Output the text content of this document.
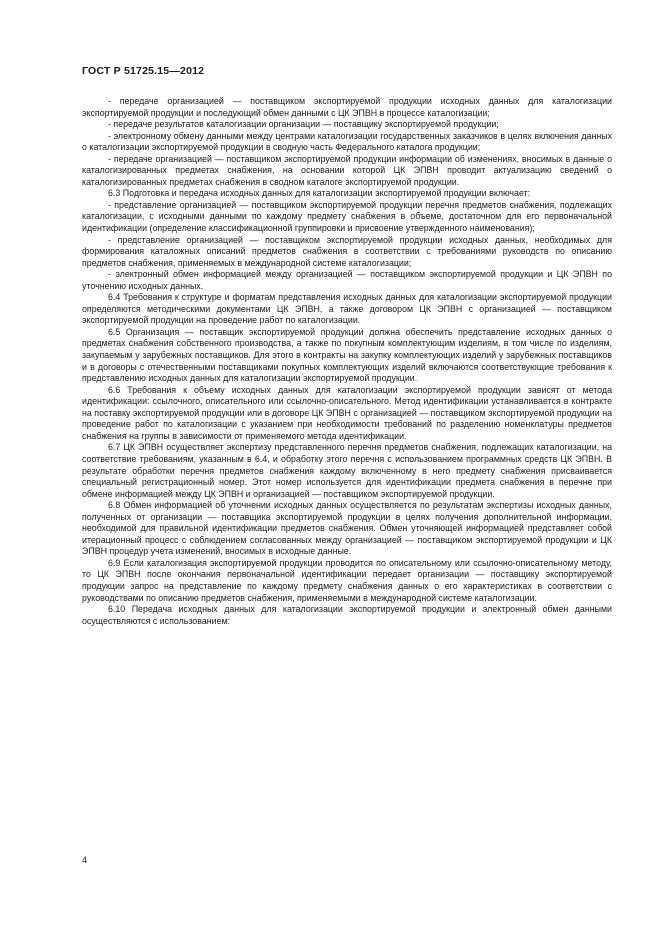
ГОСТ Р 51725.15—2012

- передаче организацией — поставщиком экспортируемой продукции исходных данных для каталогизации экспортируемой продукции и последующий обмен данными с ЦК ЭПВН в процессе каталогизации;

- передаче результатов каталогизации организации — поставщику экспортируемой продукции;

- электронному обмену данными между центрами каталогизации государственных заказчиков в целях включения данных о каталогизации экспортируемой продукции в сводную часть Федерального каталога продукции;

- передаче организацией — поставщиком экспортируемой продукции информации об изменениях, вносимых в данные о каталогизированных предметах снабжения, на основании которой ЦК ЭПВН проводит актуализацию сведений о каталогизированных предметах снабжения в сводном каталоге экспортируемой продукции.

6.3 Подготовка и передача исходных данных для каталогизации экспортируемой продукции включает:

- представление организацией — поставщиком экспортируемой продукции перечня предметов снабжения, подлежащих каталогизации, с исходными данными по каждому предмету снабжения в объеме, достаточном для его первоначальной идентификации (определение классификационной группировки и присвоение утвержденного наименования);

- представление организацией — поставщиком экспортируемой продукции исходных данных, необходимых для формирования каталожных описаний предметов снабжения в соответствии с требованиями руководств по описанию предметов снабжения, применяемых в международной системе каталогизации;

- электронный обмен информацией между организацией — поставщиком экспортируемой продукции и ЦК ЭПВН по уточнению исходных данных.

6.4 Требования к структуре и форматам представления исходных данных для каталогизации экспортируемой продукции определяются методическими документами ЦК ЭПВН, а также договором ЦК ЭПВН с организацией — поставщиком экспортируемой продукции на проведение работ по каталогизации.

6.5 Организация — поставщик экспортируемой продукции должна обеспечить представление исходных данных о предметах снабжения собственного производства, а также по покупным комплектующим изделиям, в том числе по изделиям, закупаемым у зарубежных поставщиков. Для этого в контракты на закупку комплектующих изделий у зарубежных поставщиков и в договоры с отечественными поставщиками покупных комплектующих изделий включаются соответствующие требования к представлению исходных данных для каталогизации экспортируемой продукции.

6.6 Требования к объему исходных данных для каталогизации экспортируемой продукции зависят от метода идентификации: ссылочного, описательного или ссылочно-описательного. Метод идентификации устанавливается в контракте на поставку экспортируемой продукции или в договоре ЦК ЭПВН с организацией — поставщиком экспортируемой продукции на проведение работ по каталогизации с указанием при необходимости требований по разделению номенклатуры предметов снабжения на группы в зависимости от применяемого метода идентификации.

6.7 ЦК ЭПВН осуществляет экспертизу представленного перечня предметов снабжения, подлежащих каталогизации, на соответствие требованиям, указанным в 6.4, и обработку этого перечня с использованием программных средств ЦК ЭПВН. В результате обработки перечня предметов снабжения каждому включенному в него предмету снабжения присваивается специальный регистрационный номер. Этот номер используется для идентификации предмета снабжения в перечне при обмене информацией между ЦК ЭПВН и организацией — поставщиком экспортируемой продукции.

6.8 Обмен информацией об уточнении исходных данных осуществляется по результатам экспертизы исходных данных, полученных от организации — поставщика экспортируемой продукции в целях получения дополнительной информации, необходимой для правильной идентификации предметов снабжения. Обмен уточняющей информацией представляет собой итерационный процесс с соблюдением согласованных между организацией — поставщиком экспортируемой продукции и ЦК ЭПВН процедур учета изменений, вносимых в исходные данные.

6.9 Если каталогизация экспортируемой продукции проводится по описательному или ссылочно-описательному методу, то ЦК ЭПВН после окончания первоначальной идентификации передает организации — поставщику экспортируемой продукции запрос на представление по каждому предмету снабжения данных о его характеристиках в соответствии с руководствами по описанию предметов снабжения, применяемыми в международной системе каталогизации.

6.10 Передача исходных данных для каталогизации экспортируемой продукции и электронный обмен данными осуществляются с использованием:

4
